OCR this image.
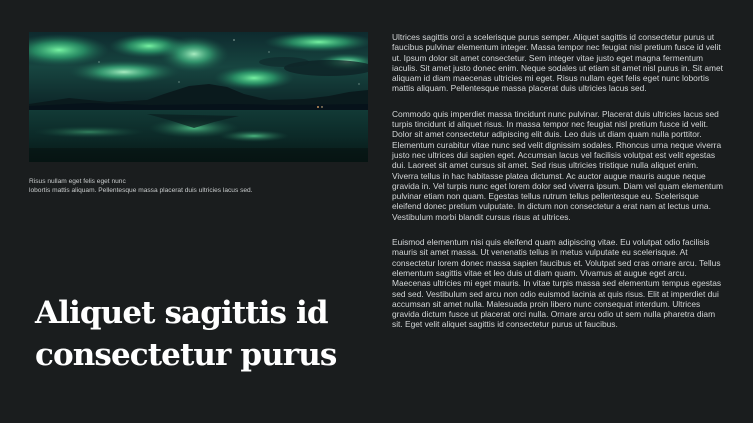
Risus nullam eget felis eget nunc
lobortis mattis aliquam. Pellentesque massa placerat duis ultricies lacus sed.
Aliquet sagittis id
consectetur purus

Ultrices sagittis orci a scelerisque purus semper. Aliquet sagittis id consectetur purus ut faucibus pulvinar elementum integer. Massa tempor nec feugiat nisl pretium fusce id velit ut. Ipsum dolor sit amet consectetur. Sem integer vitae justo eget magna fermentum iaculis. Sit amet justo donec enim. Neque sodales ut etiam sit amet nisl purus in. Sit amet aliquam id diam maecenas ultricies mi eget. Risus nullam eget felis eget nunc lobortis mattis aliquam. Pellentesque massa placerat duis ultricies lacus sed.

Commodo quis imperdiet massa tincidunt nunc pulvinar. Placerat duis ultricies lacus sed turpis tincidunt id aliquet risus. In massa tempor nec feugiat nisl pretium fusce id velit. Dolor sit amet consectetur adipiscing elit duis. Leo duis ut diam quam nulla porttitor. Elementum curabitur vitae nunc sed velit dignissim sodales. Rhoncus urna neque viverra justo nec ultrices dui sapien eget. Accumsan lacus vel facilisis volutpat est velit egestas dui. Laoreet sit amet cursus sit amet. Sed risus ultricies tristique nulla aliquet enim. Viverra tellus in hac habitasse platea dictumst. Ac auctor augue mauris augue neque gravida in. Vel turpis nunc eget lorem dolor sed viverra ipsum. Diam vel quam elementum pulvinar etiam non quam. Egestas tellus rutrum tellus pellentesque eu. Scelerisque eleifend donec pretium vulputate. In dictum non consectetur a erat nam at lectus urna. Vestibulum morbi blandit cursus risus at ultrices.

Euismod elementum nisi quis eleifend quam adipiscing vitae. Eu volutpat odio facilisis mauris sit amet massa. Ut venenatis tellus in metus vulputate eu scelerisque. At consectetur lorem donec massa sapien faucibus et. Volutpat sed cras ornare arcu. Tellus elementum sagittis vitae et leo duis ut diam quam. Vivamus at augue eget arcu. Maecenas ultricies mi eget mauris. In vitae turpis massa sed elementum tempus egestas sed sed. Vestibulum sed arcu non odio euismod lacinia at quis risus. Elit at imperdiet dui accumsan sit amet nulla. Malesuada proin libero nunc consequat interdum. Ultrices gravida dictum fusce ut placerat orci nulla. Ornare arcu odio ut sem nulla pharetra diam sit. Eget velit aliquet sagittis id consectetur purus ut faucibus.
